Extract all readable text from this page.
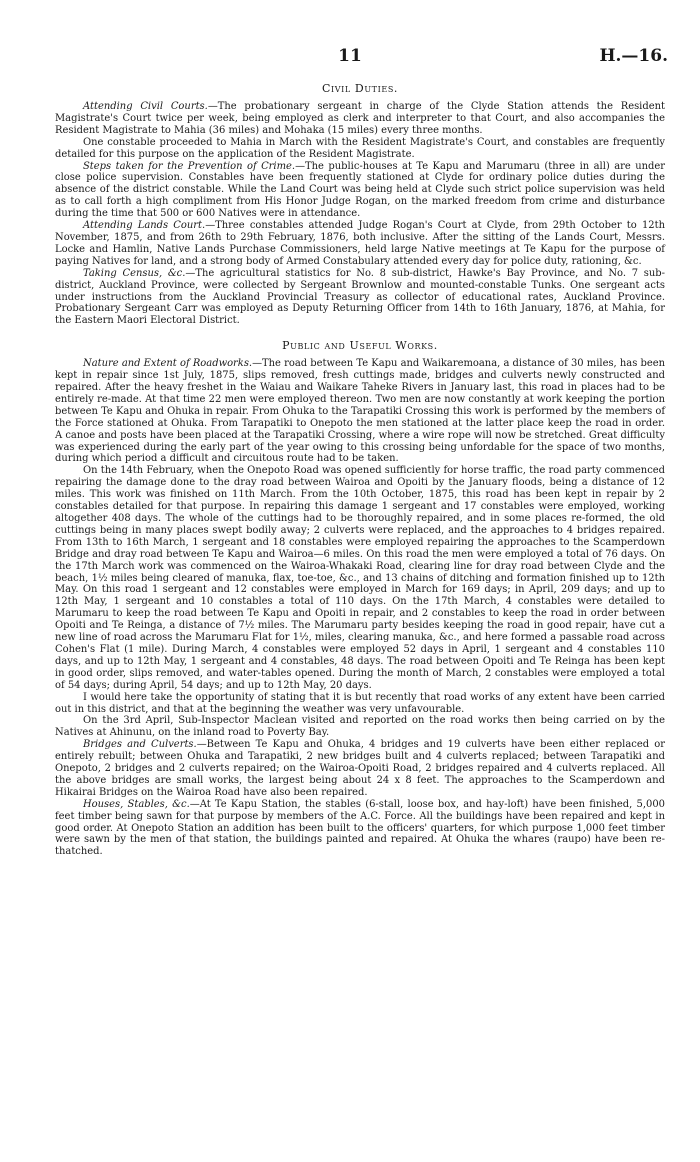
11	H.—16.

Civil Duties.

Attending Civil Courts.—The probationary sergeant in charge of the Clyde Station attends the Resident Magistrate's Court twice per week, being employed as clerk and interpreter to that Court, and also accompanies the Resident Magistrate to Mahia (36 miles) and Mohaka (15 miles) every three months.

One constable proceeded to Mahia in March with the Resident Magistrate's Court, and constables are frequently detailed for this purpose on the application of the Resident Magistrate.

Steps taken for the Prevention of Crime.—The public-houses at Te Kapu and Marumaru (three in all) are under close police supervision. Constables have been frequently stationed at Clyde for ordinary police duties during the absence of the district constable. While the Land Court was being held at Clyde such strict police supervision was held as to call forth a high compliment from His Honor Judge Rogan, on the marked freedom from crime and disturbance during the time that 500 or 600 Natives were in attendance.

Attending Lands Court.—Three constables attended Judge Rogan's Court at Clyde, from 29th October to 12th November, 1875, and from 26th to 29th February, 1876, both inclusive. After the sitting of the Lands Court, Messrs. Locke and Hamlin, Native Lands Purchase Commissioners, held large Native meetings at Te Kapu for the purpose of paying Natives for land, and a strong body of Armed Constabulary attended every day for police duty, rationing, &c.

Taking Census, &c.—The agricultural statistics for No. 8 sub-district, Hawke's Bay Province, and No. 7 sub-district, Auckland Province, were collected by Sergeant Brownlow and mounted-constable Tunks. One sergeant acts under instructions from the Auckland Provincial Treasury as collector of educational rates, Auckland Province. Probationary Sergeant Carr was employed as Deputy Returning Officer from 14th to 16th January, 1876, at Mahia, for the Eastern Maori Electoral District.

Public and Useful Works.

Nature and Extent of Roadworks.—The road between Te Kapu and Waikaremoana, a distance of 30 miles, has been kept in repair since 1st July, 1875, slips removed, fresh cuttings made, bridges and culverts newly constructed and repaired. After the heavy freshet in the Waiau and Waikare Taheke Rivers in January last, this road in places had to be entirely re-made. At that time 22 men were employed thereon. Two men are now constantly at work keeping the portion between Te Kapu and Ohuka in repair. From Ohuka to the Tarapatiki Crossing this work is performed by the members of the Force stationed at Ohuka. From Tarapatiki to Onepoto the men stationed at the latter place keep the road in order. A canoe and posts have been placed at the Tarapatiki Crossing, where a wire rope will now be stretched. Great difficulty was experienced during the early part of the year owing to this crossing being unfordable for the space of two months, during which period a difficult and circuitous route had to be taken.

On the 14th February, when the Onepoto Road was opened sufficiently for horse traffic, the road party commenced repairing the damage done to the dray road between Wairoa and Opoiti by the January floods, being a distance of 12 miles. This work was finished on 11th March. From the 10th October, 1875, this road has been kept in repair by 2 constables detailed for that purpose. In repairing this damage 1 sergeant and 17 constables were employed, working altogether 408 days. The whole of the cuttings had to be thoroughly repaired, and in some places re-formed, the old cuttings being in many places swept bodily away; 2 culverts were replaced, and the approaches to 4 bridges repaired. From 13th to 16th March, 1 sergeant and 18 constables were employed repairing the approaches to the Scamperdown Bridge and dray road between Te Kapu and Wairoa—6 miles. On this road the men were employed a total of 76 days. On the 17th March work was commenced on the Wairoa-Whakaki Road, clearing line for dray road between Clyde and the beach, 1½ miles being cleared of manuka, flax, toe-toe, &c., and 13 chains of ditching and formation finished up to 12th May. On this road 1 sergeant and 12 constables were employed in March for 169 days; in April, 209 days; and up to 12th May, 1 sergeant and 10 constables a total of 110 days. On the 17th March, 4 constables were detailed to Marumaru to keep the road between Te Kapu and Opoiti in repair, and 2 constables to keep the road in order between Opoiti and Te Reinga, a distance of 7½ miles. The Marumaru party besides keeping the road in good repair, have cut a new line of road across the Marumaru Flat for 1½, miles, clearing manuka, &c., and here formed a passable road across Cohen's Flat (1 mile). During March, 4 constables were employed 52 days in April, 1 sergeant and 4 constables 110 days, and up to 12th May, 1 sergeant and 4 constables, 48 days. The road between Opoiti and Te Reinga has been kept in good order, slips removed, and water-tables opened. During the month of March, 2 constables were employed a total of 54 days; during April, 54 days; and up to 12th May, 20 days.

I would here take the opportunity of stating that it is but recently that road works of any extent have been carried out in this district, and that at the beginning the weather was very unfavourable.

On the 3rd April, Sub-Inspector Maclean visited and reported on the road works then being carried on by the Natives at Ahinunu, on the inland road to Poverty Bay.

Bridges and Culverts.—Between Te Kapu and Ohuka, 4 bridges and 19 culverts have been either replaced or entirely rebuilt; between Ohuka and Tarapatiki, 2 new bridges built and 4 culverts replaced; between Tarapatiki and Onepoto, 2 bridges and 2 culverts repaired; on the Wairoa-Opoiti Road, 2 bridges repaired and 4 culverts replaced. All the above bridges are small works, the largest being about 24 x 8 feet. The approaches to the Scamperdown and Hikairai Bridges on the Wairoa Road have also been repaired.

Houses, Stables, &c.—At Te Kapu Station, the stables (6-stall, loose box, and hay-loft) have been finished, 5,000 feet timber being sawn for that purpose by members of the A.C. Force. All the buildings have been repaired and kept in good order. At Onepoto Station an addition has been built to the officers' quarters, for which purpose 1,000 feet timber were sawn by the men of that station, the buildings painted and repaired. At Ohuka the whares (raupo) have been re-thatched.
